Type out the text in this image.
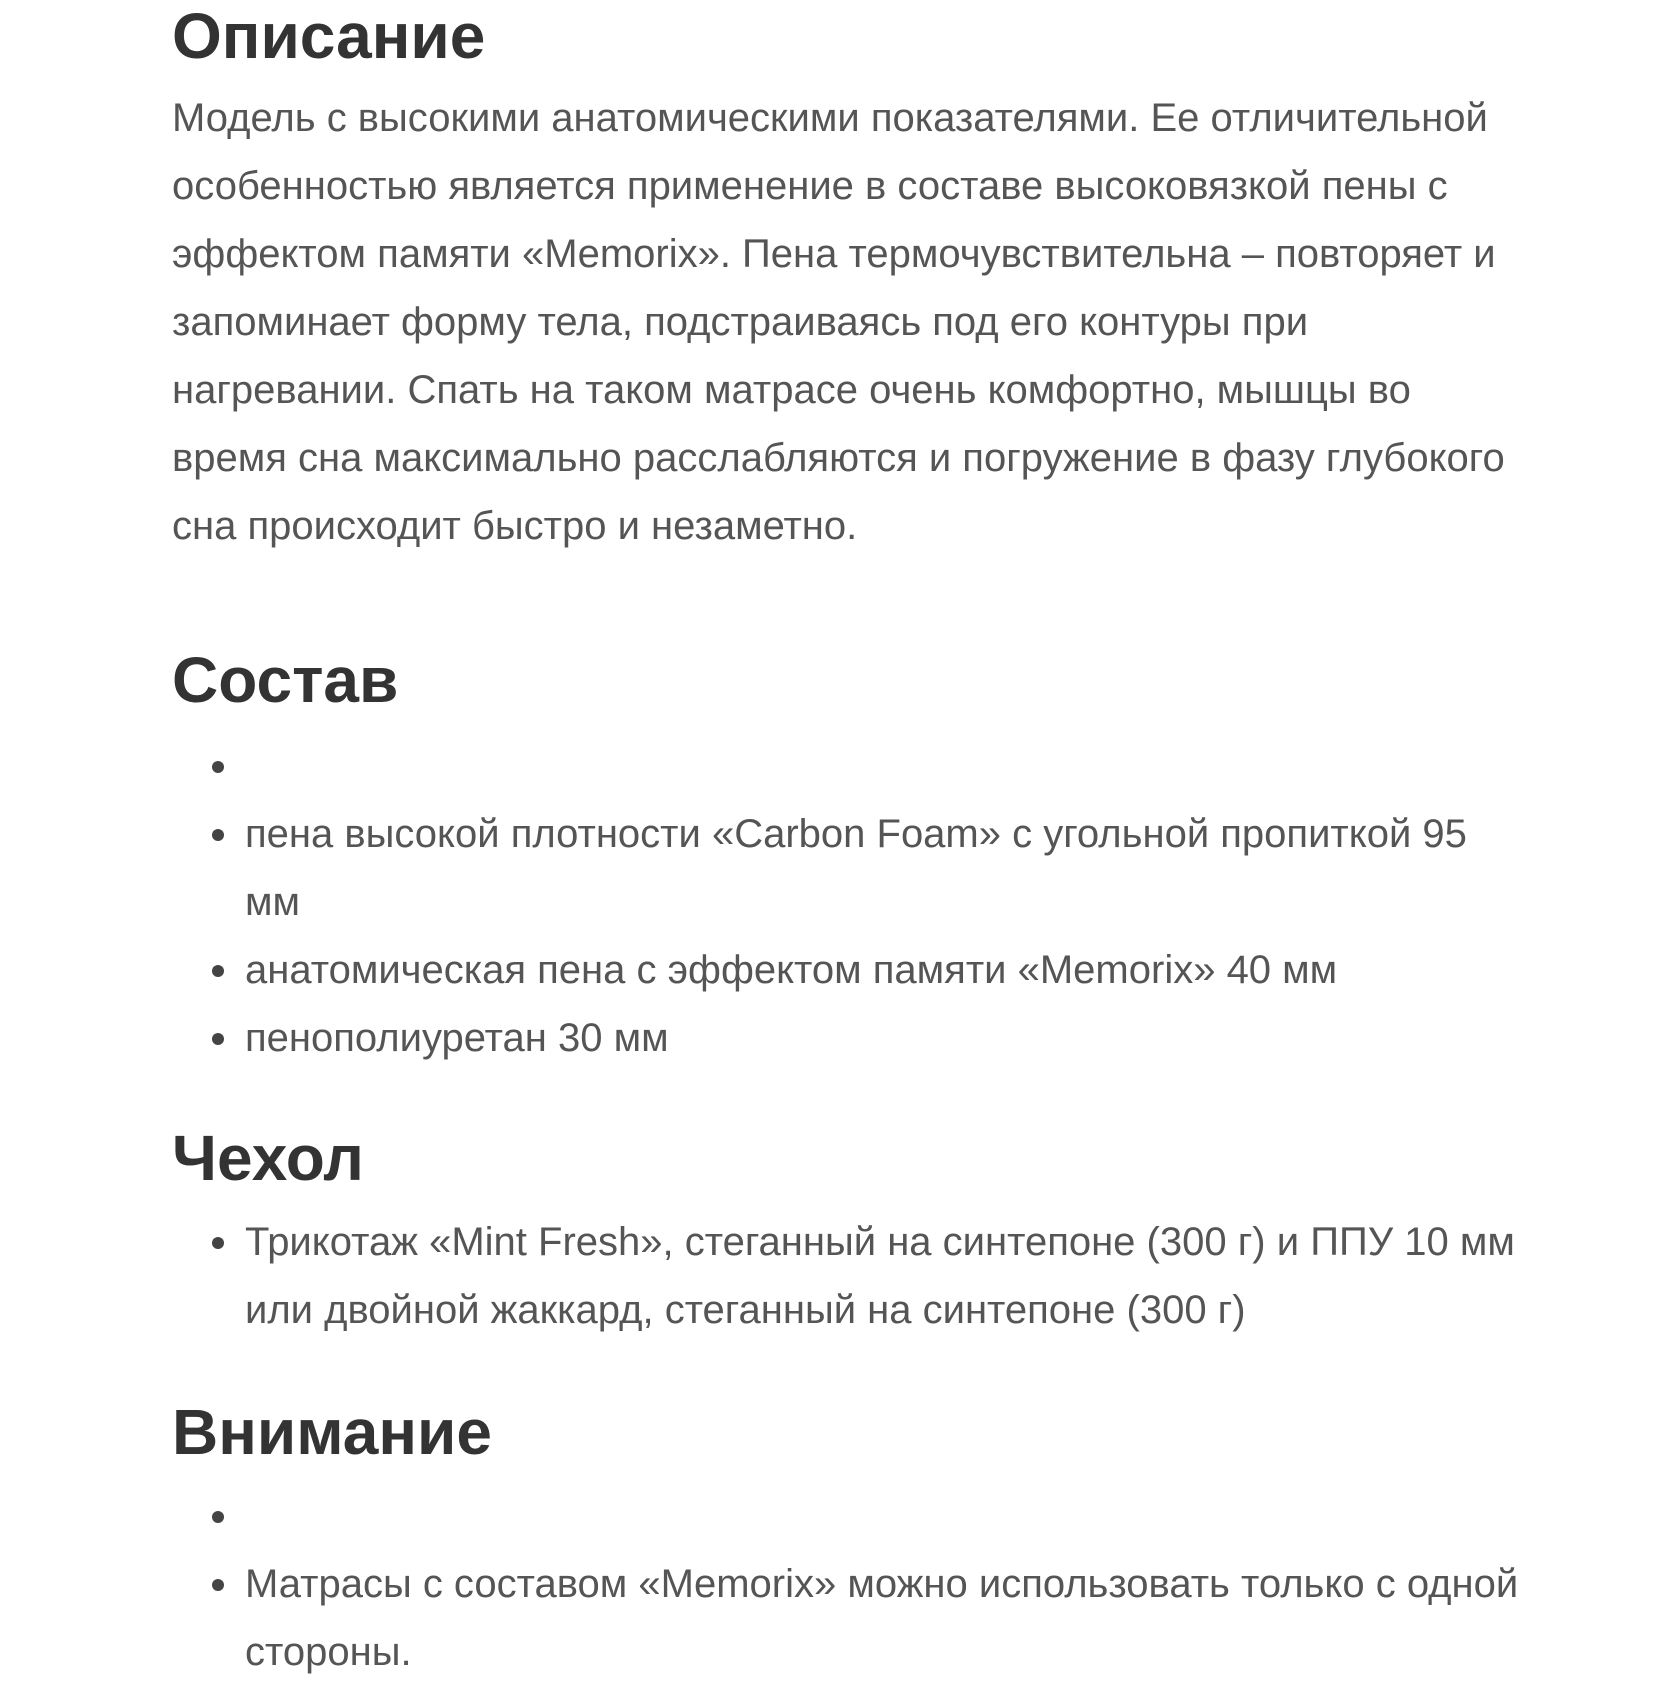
Описание

Модель с высокими анатомическими показателями. Ее отличительной особенностью является применение в составе высоковязкой пены с эффектом памяти «Memorix». Пена термочувствительна – повторяет и запоминает форму тела, подстраиваясь под его контуры при нагревании. Спать на таком матрасе очень комфортно, мышцы во время сна максимально расслабляются и погружение в фазу глубокого сна происходит быстро и незаметно.

Состав
пена высокой плотности «Carbon Foam» с угольной пропиткой 95 мм
анатомическая пена с эффектом памяти «Memorix» 40 мм
пенополиуретан 30 мм
Чехол
Трикотаж «Mint Fresh», стеганный на синтепоне (300 г) и ППУ 10 мм или двойной жаккард, стеганный на синтепоне (300 г)
Внимание
Матрасы с составом «Memorix» можно использовать только с одной стороны.
